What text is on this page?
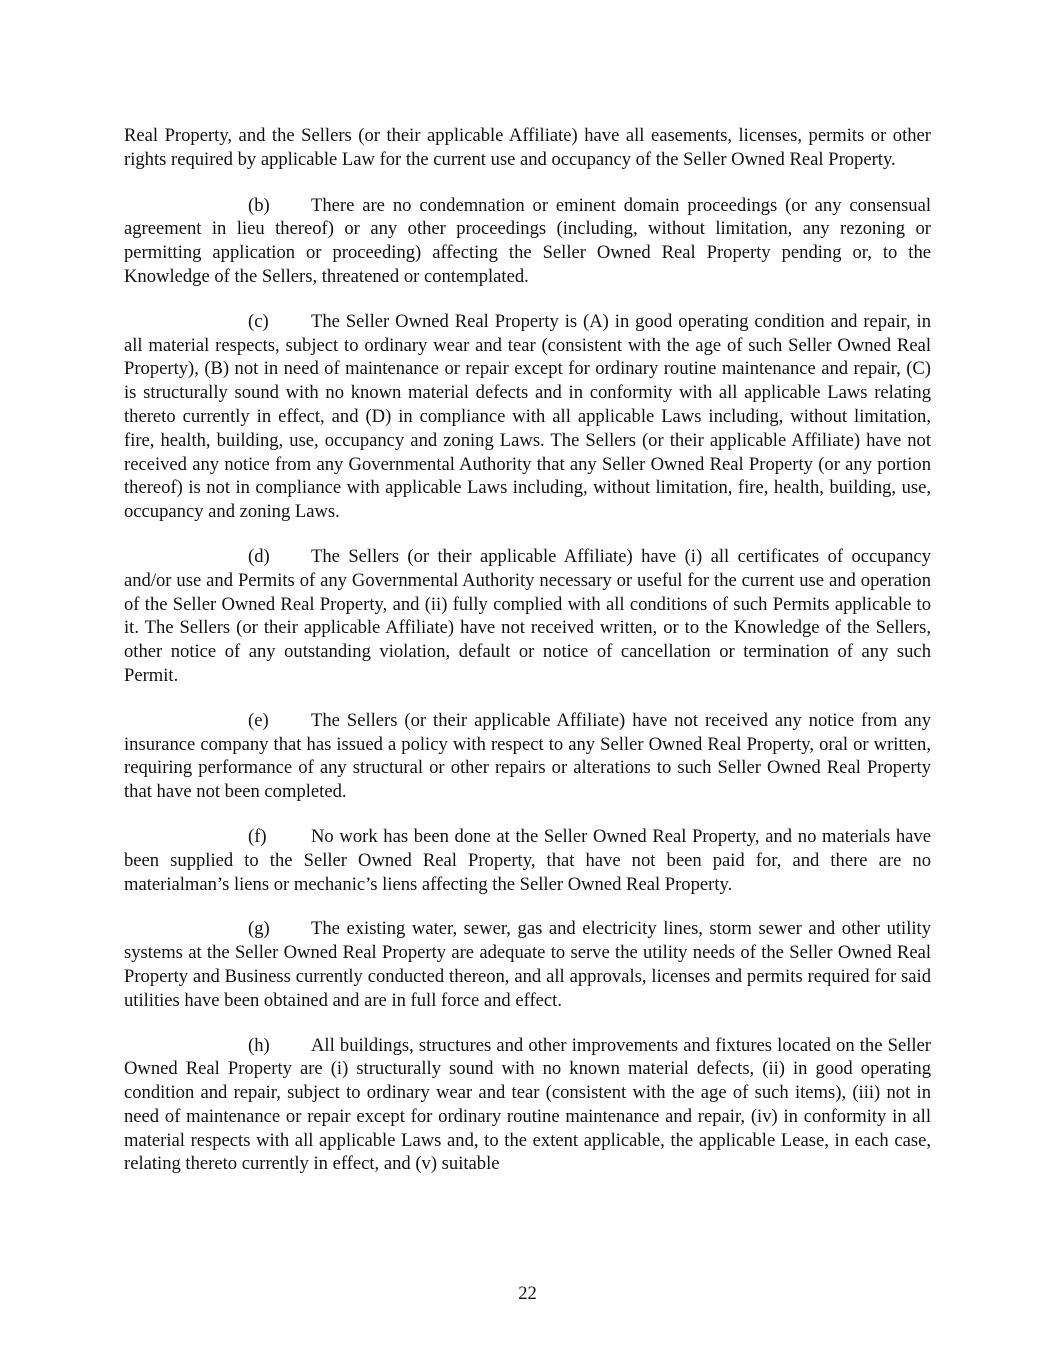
Real Property, and the Sellers (or their applicable Affiliate) have all easements, licenses, permits or other rights required by applicable Law for the current use and occupancy of the Seller Owned Real Property.

(b) There are no condemnation or eminent domain proceedings (or any consensual agreement in lieu thereof) or any other proceedings (including, without limitation, any rezoning or permitting application or proceeding) affecting the Seller Owned Real Property pending or, to the Knowledge of the Sellers, threatened or contemplated.

(c) The Seller Owned Real Property is (A) in good operating condition and repair, in all material respects, subject to ordinary wear and tear (consistent with the age of such Seller Owned Real Property), (B) not in need of maintenance or repair except for ordinary routine maintenance and repair, (C) is structurally sound with no known material defects and in conformity with all applicable Laws relating thereto currently in effect, and (D) in compliance with all applicable Laws including, without limitation, fire, health, building, use, occupancy and zoning Laws. The Sellers (or their applicable Affiliate) have not received any notice from any Governmental Authority that any Seller Owned Real Property (or any portion thereof) is not in compliance with applicable Laws including, without limitation, fire, health, building, use, occupancy and zoning Laws.

(d) The Sellers (or their applicable Affiliate) have (i) all certificates of occupancy and/or use and Permits of any Governmental Authority necessary or useful for the current use and operation of the Seller Owned Real Property, and (ii) fully complied with all conditions of such Permits applicable to it. The Sellers (or their applicable Affiliate) have not received written, or to the Knowledge of the Sellers, other notice of any outstanding violation, default or notice of cancellation or termination of any such Permit.

(e) The Sellers (or their applicable Affiliate) have not received any notice from any insurance company that has issued a policy with respect to any Seller Owned Real Property, oral or written, requiring performance of any structural or other repairs or alterations to such Seller Owned Real Property that have not been completed.

(f) No work has been done at the Seller Owned Real Property, and no materials have been supplied to the Seller Owned Real Property, that have not been paid for, and there are no materialman’s liens or mechanic’s liens affecting the Seller Owned Real Property.

(g) The existing water, sewer, gas and electricity lines, storm sewer and other utility systems at the Seller Owned Real Property are adequate to serve the utility needs of the Seller Owned Real Property and Business currently conducted thereon, and all approvals, licenses and permits required for said utilities have been obtained and are in full force and effect.

(h) All buildings, structures and other improvements and fixtures located on the Seller Owned Real Property are (i) structurally sound with no known material defects, (ii) in good operating condition and repair, subject to ordinary wear and tear (consistent with the age of such items), (iii) not in need of maintenance or repair except for ordinary routine maintenance and repair, (iv) in conformity in all material respects with all applicable Laws and, to the extent applicable, the applicable Lease, in each case, relating thereto currently in effect, and (v) suitable

22
